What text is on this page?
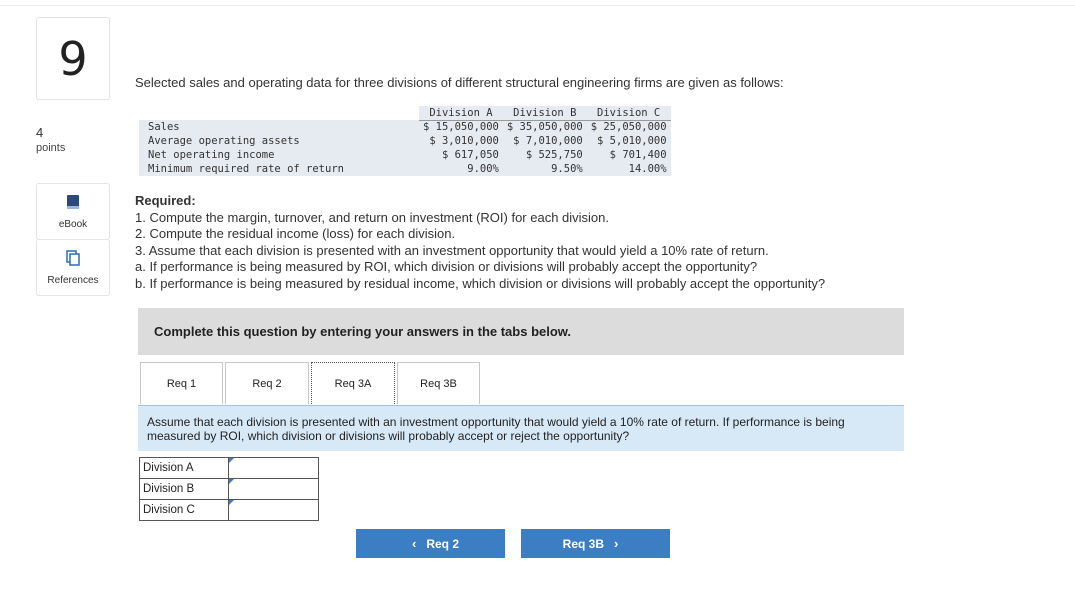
9
4
points
eBook
References
Selected sales and operating data for three divisions of different structural engineering firms are given as follows:
	Division A	Division B	Division C
Sales	$ 15,050,000	$ 35,050,000	$ 25,050,000
Average operating assets	$ 3,010,000	$ 7,010,000	$ 5,010,000
Net operating income	$ 617,050	$ 525,750	$ 701,400
Minimum required rate of return	9.00%	9.50%	14.00%
Required:
1. Compute the margin, turnover, and return on investment (ROI) for each division.
2. Compute the residual income (loss) for each division.
3. Assume that each division is presented with an investment opportunity that would yield a 10% rate of return.
a. If performance is being measured by ROI, which division or divisions will probably accept the opportunity?
b. If performance is being measured by residual income, which division or divisions will probably accept the opportunity?
Complete this question by entering your answers in the tabs below.
Req 1	Req 2	Req 3A	Req 3B
Assume that each division is presented with an investment opportunity that would yield a 10% rate of return. If performance is being measured by ROI, which division or divisions will probably accept or reject the opportunity?
Division A	

Division B	

Division C	
‹ Req 2	Req 3B ›
